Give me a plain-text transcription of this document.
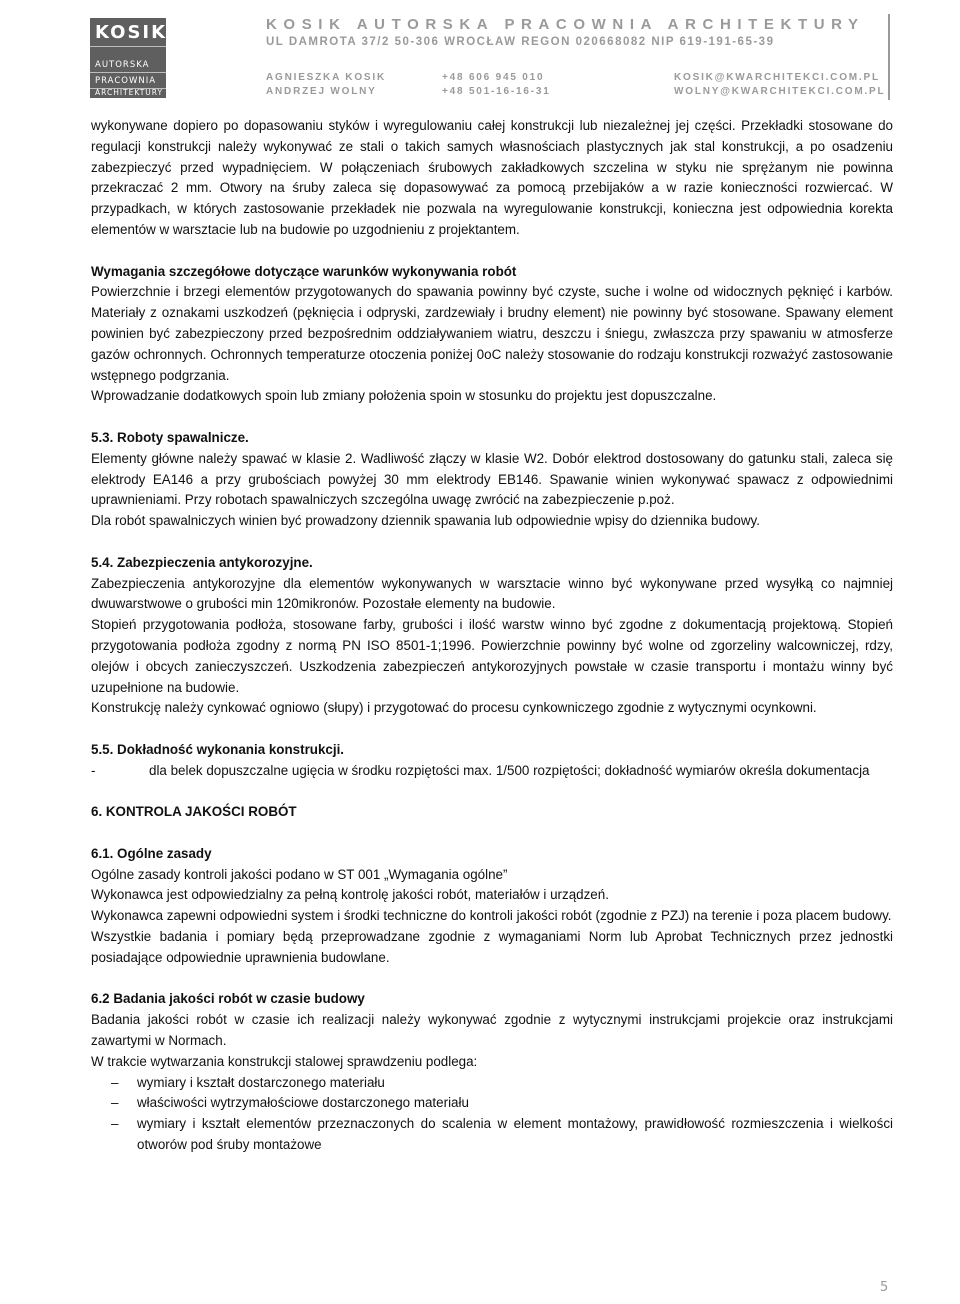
KOSIK
AUTORSKA
PRACOWNIA
ARCHITEKTURY
KOSIK AUTORSKA PRACOWNIA ARCHITEKTURY
UL DAMROTA 37/2 50-306 WROCŁAW REGON 020668082 NIP 619-191-65-39
AGNIESZKA KOSIK	+48 606 945 010	KOSIK@KWARCHITEKCI.COM.PL
ANDRZEJ WOLNY	+48 501-16-16-31	WOLNY@KWARCHITEKCI.COM.PL

wykonywane dopiero po dopasowaniu styków i wyregulowaniu całej konstrukcji lub niezależnej jej części. Przekładki stosowane do regulacji konstrukcji należy wykonywać ze stali o takich samych własnościach plastycznych jak stal konstrukcji, a po osadzeniu zabezpieczyć przed wypadnięciem. W połączeniach śrubowych zakładkowych szczelina w styku nie sprężanym nie powinna przekraczać 2 mm. Otwory na śruby zaleca się dopasowywać za pomocą przebijaków a w razie konieczności rozwiercać. W przypadkach, w których zastosowanie przekładek nie pozwala na wyregulowanie konstrukcji, konieczna jest odpowiednia korekta elementów w warsztacie lub na budowie po uzgodnieniu z projektantem.

Wymagania szczegółowe dotyczące warunków wykonywania robót

Powierzchnie i brzegi elementów przygotowanych do spawania powinny być czyste, suche i wolne od widocznych pęknięć i karbów. Materiały z oznakami uszkodzeń (pęknięcia i odpryski, zardzewiały i brudny element) nie powinny być stosowane. Spawany element powinien być zabezpieczony przed bezpośrednim oddziaływaniem wiatru, deszczu i śniegu, zwłaszcza przy spawaniu w atmosferze gazów ochronnych. Ochronnych temperaturze otoczenia poniżej 0oC należy stosowanie do rodzaju konstrukcji rozważyć zastosowanie wstępnego podgrzania.

Wprowadzanie dodatkowych spoin lub zmiany położenia spoin w stosunku do projektu jest dopuszczalne.

5.3. Roboty spawalnicze.

Elementy główne należy spawać w klasie 2. Wadliwość złączy w klasie W2. Dobór elektrod dostosowany do gatunku stali, zaleca się elektrody EA146 a przy grubościach powyżej 30 mm elektrody EB146. Spawanie winien wykonywać spawacz z odpowiednimi uprawnieniami. Przy robotach spawalniczych szczególna uwagę zwrócić na zabezpieczenie p.poż.

Dla robót spawalniczych winien być prowadzony dziennik spawania lub odpowiednie wpisy do dziennika budowy.

5.4. Zabezpieczenia antykorozyjne.

Zabezpieczenia antykorozyjne dla elementów wykonywanych w warsztacie winno być wykonywane przed wysyłką co najmniej dwuwarstwowe o grubości min 120mikronów. Pozostałe elementy na budowie.

Stopień przygotowania podłoża, stosowane farby, grubości i ilość warstw winno być zgodne z dokumentacją projektową. Stopień przygotowania podłoża zgodny z normą PN ISO 8501-1;1996. Powierzchnie powinny być wolne od zgorzeliny walcowniczej, rdzy, olejów i obcych zanieczyszczeń. Uszkodzenia zabezpieczeń antykorozyjnych powstałe w czasie transportu i montażu winny być uzupełnione na budowie.

Konstrukcję należy cynkować ogniowo (słupy) i przygotować do procesu cynkowniczego zgodnie z wytycznymi ocynkowni.

5.5. Dokładność wykonania konstrukcji.
-	dla belek dopuszczalne ugięcia w środku rozpiętości max. 1/500 rozpiętości; dokładność wymiarów określa dokumentacja
6. KONTROLA JAKOŚCI ROBÓT
6.1. Ogólne zasady

Ogólne zasady kontroli jakości podano w ST 001 „Wymagania ogólne”

Wykonawca jest odpowiedzialny za pełną kontrolę jakości robót, materiałów i urządzeń.

Wykonawca zapewni odpowiedni system i środki techniczne do kontroli jakości robót (zgodnie z PZJ) na terenie i poza placem budowy.

Wszystkie badania i pomiary będą przeprowadzane zgodnie z wymaganiami Norm lub Aprobat Technicznych przez jednostki posiadające odpowiednie uprawnienia budowlane.

6.2 Badania jakości robót w czasie budowy

Badania jakości robót w czasie ich realizacji należy wykonywać zgodnie z wytycznymi instrukcjami projekcie oraz instrukcjami zawartymi w Normach.

W trakcie wytwarzania konstrukcji stalowej sprawdzeniu podlega:

– wymiary i kształt dostarczonego materiału
– właściwości wytrzymałościowe dostarczonego materiału
– wymiary i kształt elementów przeznaczonych do scalenia w element montażowy, prawidłowość rozmieszczenia i wielkości otworów pod śruby montażowe
5
